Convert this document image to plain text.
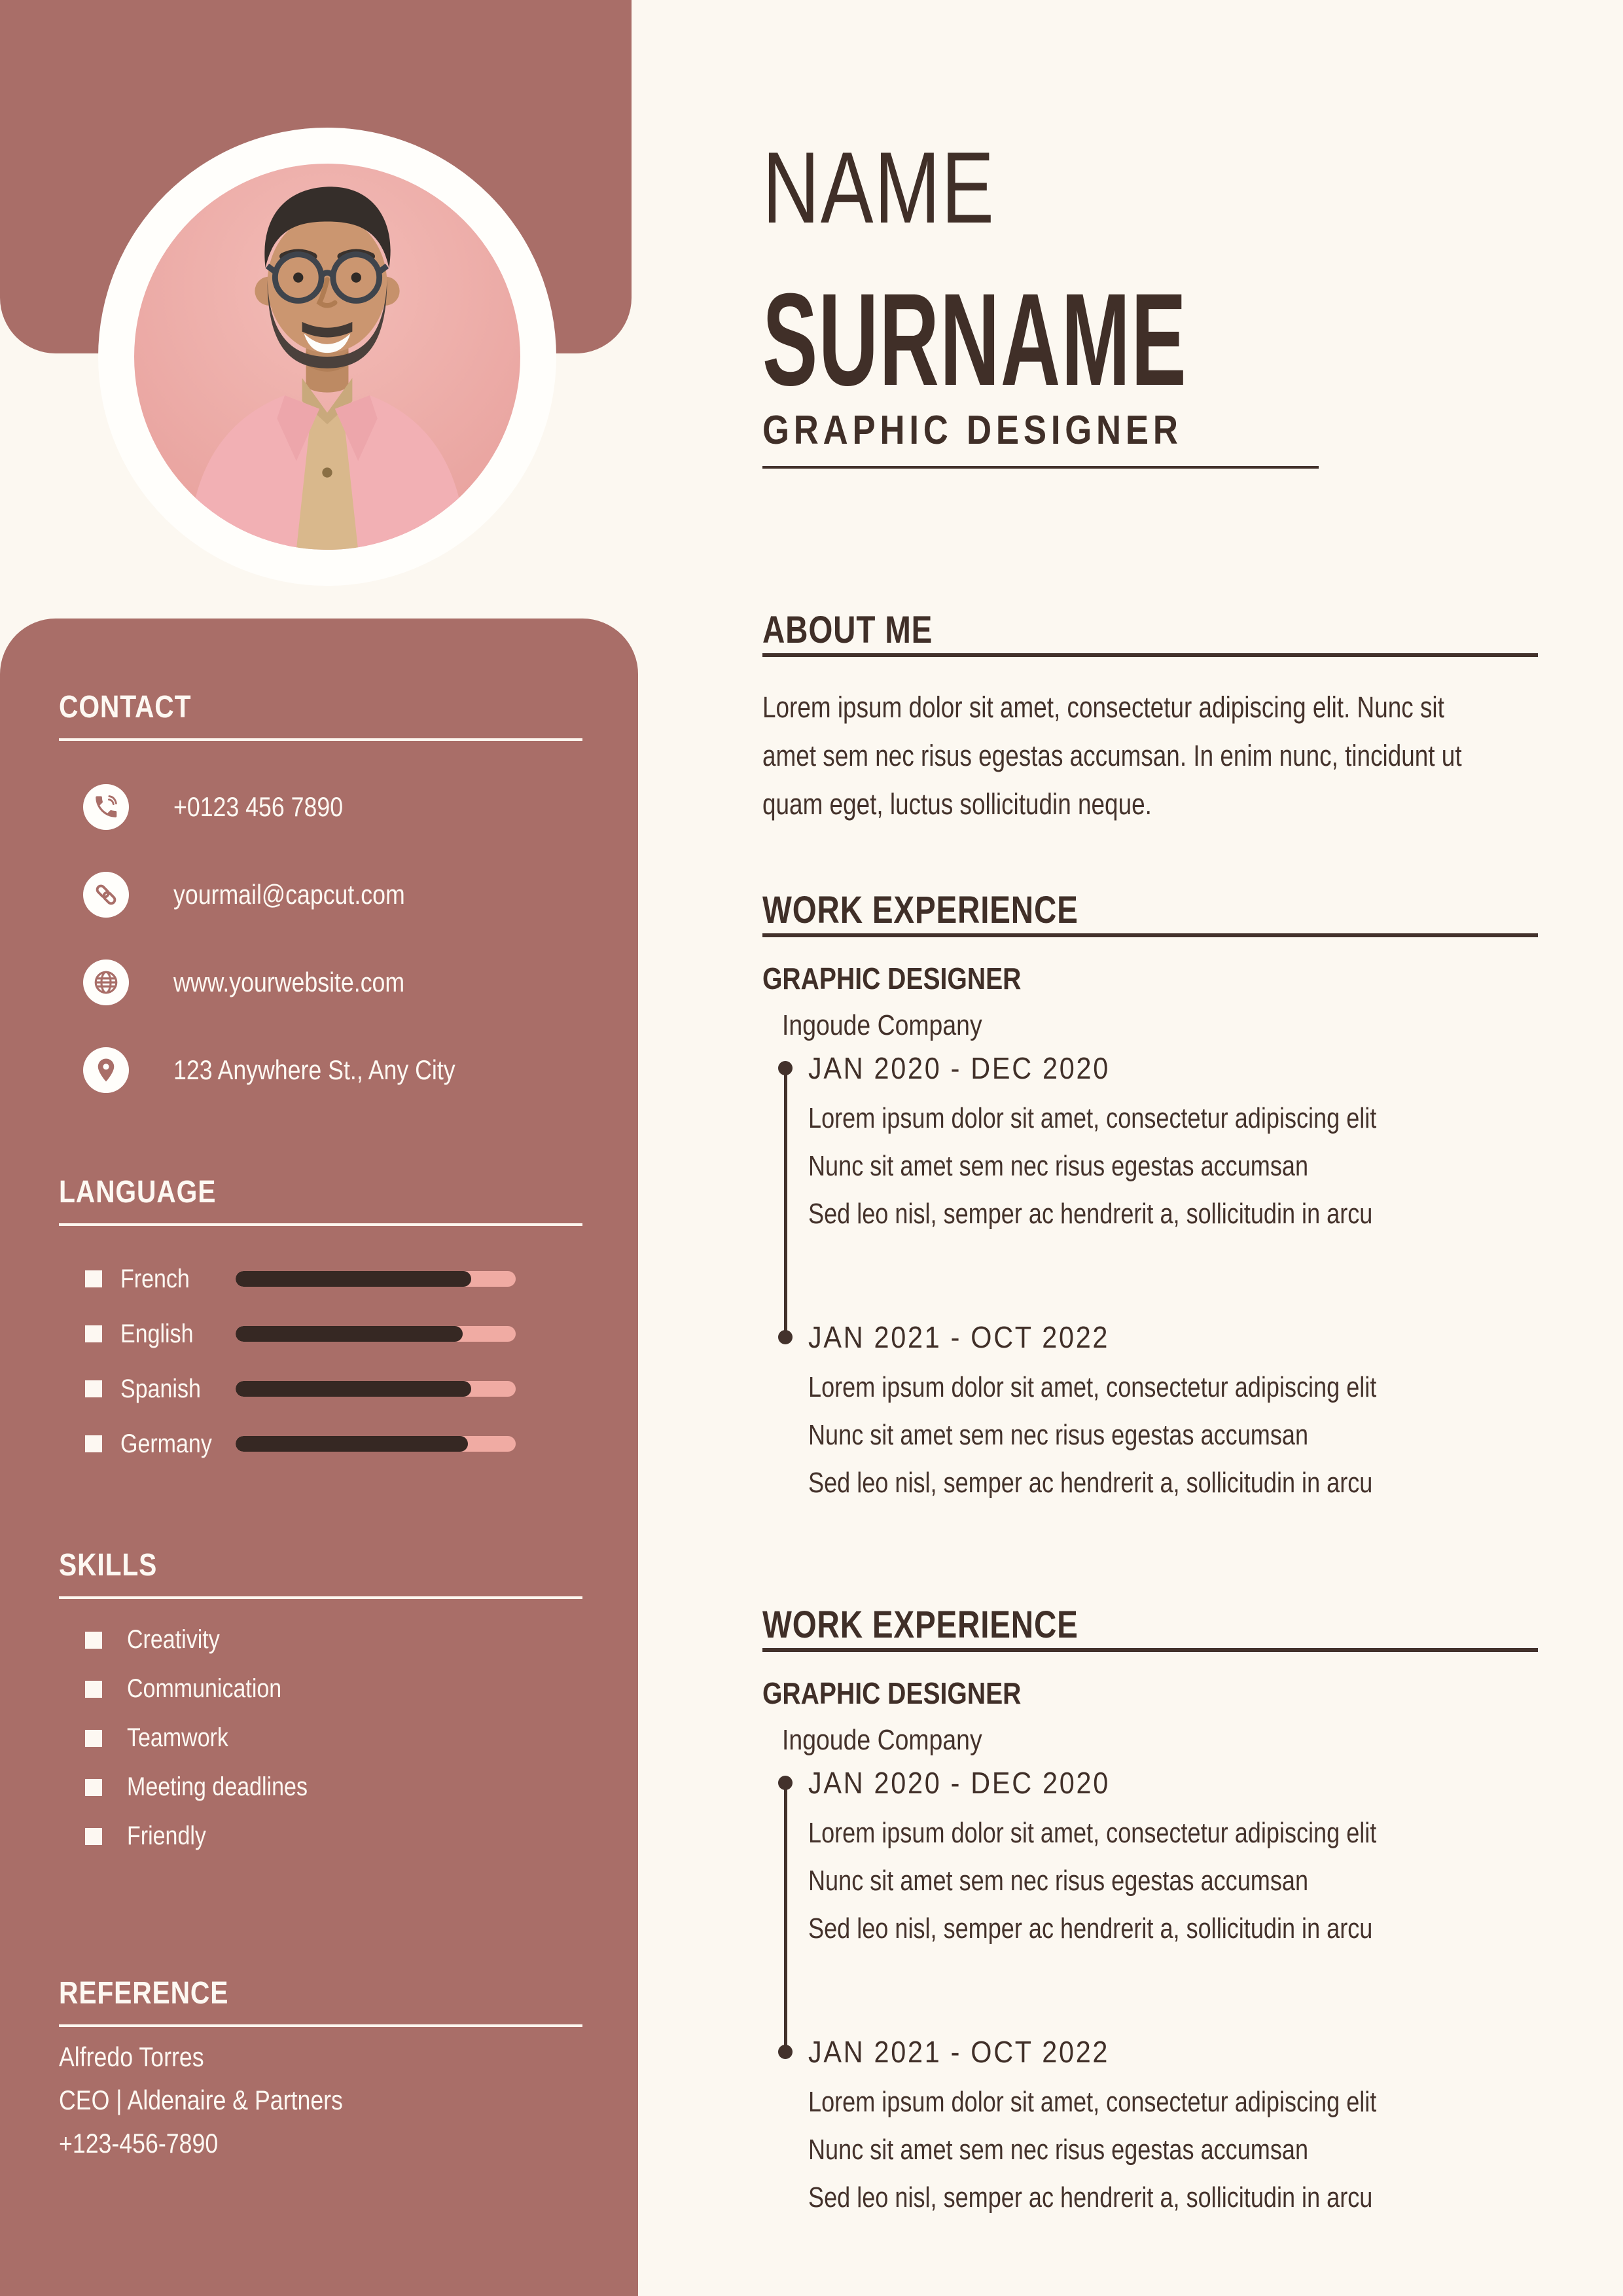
CONTACT
+0123 456 7890
yourmail@capcut.com
www.yourwebsite.com
123 Anywhere St., Any City
LANGUAGE
French
English
Spanish
Germany
SKILLS
Creativity
Communication
Teamwork
Meeting deadlines
Friendly
REFERENCE
Alfredo Torres
CEO | Aldenaire & Partners
+123-456-7890
NAME
SURNAME
GRAPHIC DESIGNER
ABOUT ME
Lorem ipsum dolor sit amet, consectetur adipiscing elit. Nunc sit
amet sem nec risus egestas accumsan. In enim nunc, tincidunt ut
quam eget, luctus sollicitudin neque.
WORK EXPERIENCE
GRAPHIC DESIGNER
Ingoude Company
JAN 2020 - DEC 2020
Lorem ipsum dolor sit amet, consectetur adipiscing elit
Nunc sit amet sem nec risus egestas accumsan
Sed leo nisl, semper ac hendrerit a, sollicitudin in arcu
JAN 2021 - OCT 2022
Lorem ipsum dolor sit amet, consectetur adipiscing elit
Nunc sit amet sem nec risus egestas accumsan
Sed leo nisl, semper ac hendrerit a, sollicitudin in arcu
WORK EXPERIENCE
GRAPHIC DESIGNER
Ingoude Company
JAN 2020 - DEC 2020
Lorem ipsum dolor sit amet, consectetur adipiscing elit
Nunc sit amet sem nec risus egestas accumsan
Sed leo nisl, semper ac hendrerit a, sollicitudin in arcu
JAN 2021 - OCT 2022
Lorem ipsum dolor sit amet, consectetur adipiscing elit
Nunc sit amet sem nec risus egestas accumsan
Sed leo nisl, semper ac hendrerit a, sollicitudin in arcu
